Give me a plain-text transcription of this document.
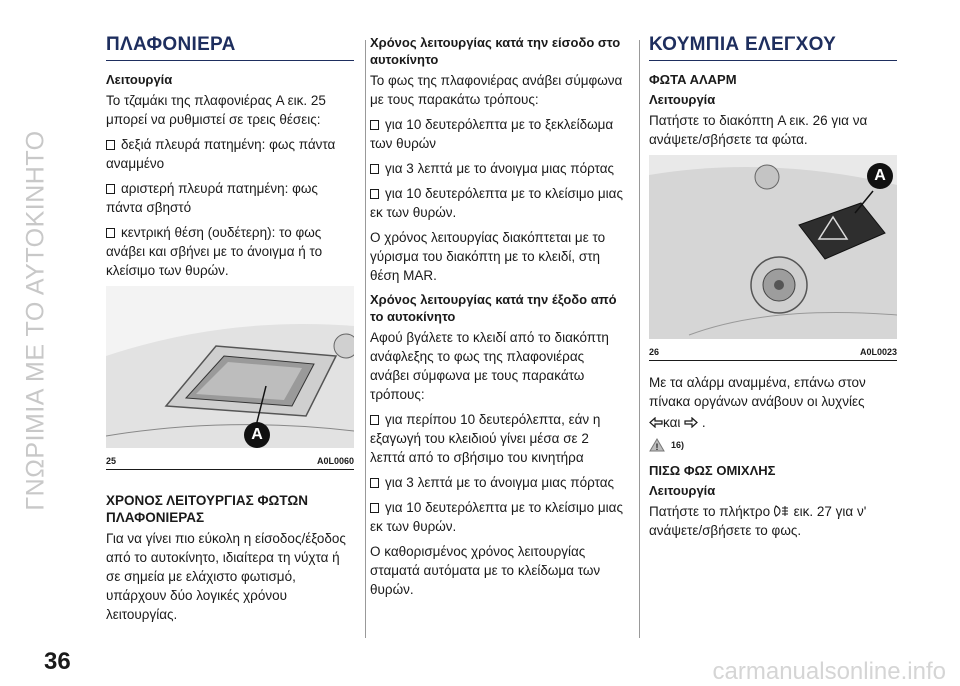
ΓΝΩΡΙΜΙΑ ΜΕ ΤΟ ΑΥΤΟΚΙΝΗΤΟ
ΠΛΑΦΟΝΙΕΡΑ
Λειτουργία

Το τζαμάκι της πλαφονιέρας A εικ. 25 μπορεί να ρυθμιστεί σε τρεις θέσεις:

δεξιά πλευρά πατημένη: φως πάντα αναμμένο

αριστερή πλευρά πατημένη: φως πάντα σβηστό

κεντρική θέση (ουδέτερη): το φως ανάβει και σβήνει με το άνοιγμα ή το κλείσιμο των θυρών.

A
25	A0L0060
ΧΡΟΝΟΣ ΛΕΙΤΟΥΡΓΙΑΣ ΦΩΤΩΝ ΠΛΑΦΟΝΙΕΡΑΣ

Για να γίνει πιο εύκολη η είσοδος/έξοδος από το αυτοκίνητο, ιδιαίτερα τη νύχτα ή σε σημεία με ελάχιστο φωτισμό, υπάρχουν δύο λογικές χρόνου λειτουργίας.

Χρόνος λειτουργίας κατά την είσοδο στο αυτοκίνητο

Το φως της πλαφονιέρας ανάβει σύμφωνα με τους παρακάτω τρόπους:

για 10 δευτερόλεπτα με το ξεκλείδωμα των θυρών

για 3 λεπτά με το άνοιγμα μιας πόρτας

για 10 δευτερόλεπτα με το κλείσιμο μιας εκ των θυρών.

Ο χρόνος λειτουργίας διακόπτεται με το γύρισμα του διακόπτη με το κλειδί, στη θέση MAR.

Χρόνος λειτουργίας κατά την έξοδο από το αυτοκίνητο

Αφού βγάλετε το κλειδί από το διακόπτη ανάφλεξης το φως της πλαφονιέρας ανάβει σύμφωνα με τους παρακάτω τρόπους:

για περίπου 10 δευτερόλεπτα, εάν η εξαγωγή του κλειδιού γίνει μέσα σε 2 λεπτά από το σβήσιμο του κινητήρα

για 3 λεπτά με το άνοιγμα μιας πόρτας

για 10 δευτερόλεπτα με το κλείσιμο μιας εκ των θυρών.

Ο καθορισμένος χρόνος λειτουργίας σταματά αυτόματα με το κλείδωμα των θυρών.

ΚΟΥΜΠΙΑ ΕΛΕΓΧΟΥ
ΦΩΤΑ ΑΛΑΡΜ
Λειτουργία

Πατήστε το διακόπτη A εικ. 26 για να ανάψετε/σβήσετε τα φώτα.

A
26	A0L0023

Με τα αλάρμ αναμμένα, επάνω στον πίνακα οργάνων ανάβουν οι λυχνίες

και  .

! 16)
ΠΙΣΩ ΦΩΣ ΟΜΙΧΛΗΣ
Λειτουργία

Πατήστε το πλήκτρο εικ. 27 για ν' ανάψετε/σβήσετε το φως.

36	carmanualsonline.info
